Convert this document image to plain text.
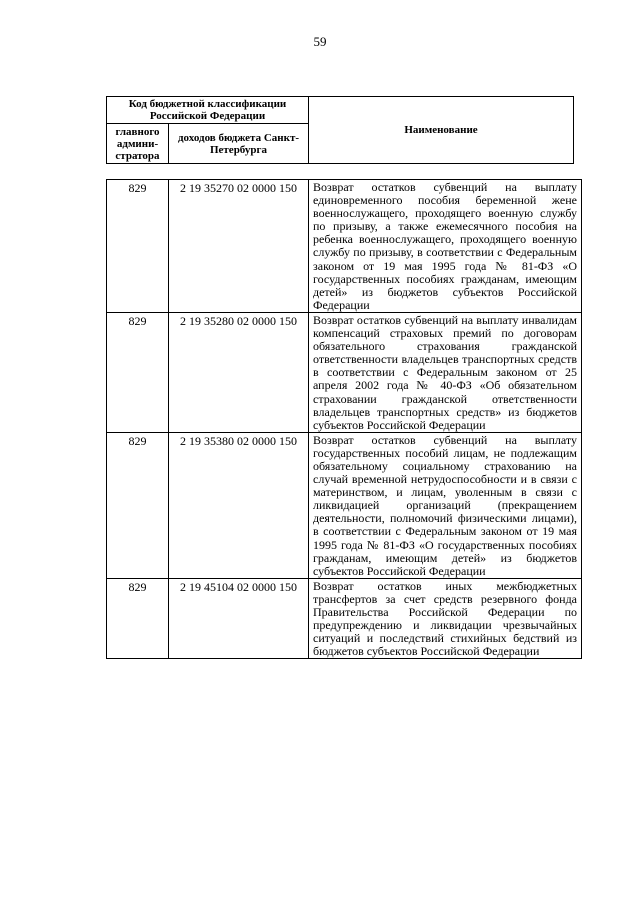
59
Код бюджетной классификации Российской Федерации		Наименование
главного админи-стратора	доходов бюджета Санкт-Петербурга	
829	2 19 35270 02 0000 150	Возврат остатков субвенций на выплату единовременного пособия беременной жене военнослужащего, проходящего военную службу по призыву, а также ежемесячного пособия на ребенка военнослужащего, проходящего военную службу по призыву, в соответствии с Федеральным законом от 19 мая 1995 года № 81-ФЗ «О государственных пособиях гражданам, имеющим детей» из бюджетов субъектов Российской Федерации
829	2 19 35280 02 0000 150	Возврат остатков субвенций на выплату инвалидам компенсаций страховых премий по договорам обязательного страхования гражданской ответственности владельцев транспортных средств в соответствии с Федеральным законом от 25 апреля 2002 года № 40-ФЗ «Об обязательном страховании гражданской ответственности владельцев транспортных средств» из бюджетов субъектов Российской Федерации
829	2 19 35380 02 0000 150	Возврат остатков субвенций на выплату государственных пособий лицам, не подлежащим обязательному социальному страхованию на случай временной нетрудоспособности и в связи с материнством, и лицам, уволенным в связи с ликвидацией организаций (прекращением деятельности, полномочий физическими лицами), в соответствии с Федеральным законом от 19 мая 1995 года № 81-ФЗ «О государственных пособиях гражданам, имеющим детей» из бюджетов субъектов Российской Федерации
829	2 19 45104 02 0000 150	Возврат остатков иных межбюджетных трансфертов за счет средств резервного фонда Правительства Российской Федерации по предупреждению и ликвидации чрезвычайных ситуаций и последствий стихийных бедствий из бюджетов субъектов Российской Федерации
